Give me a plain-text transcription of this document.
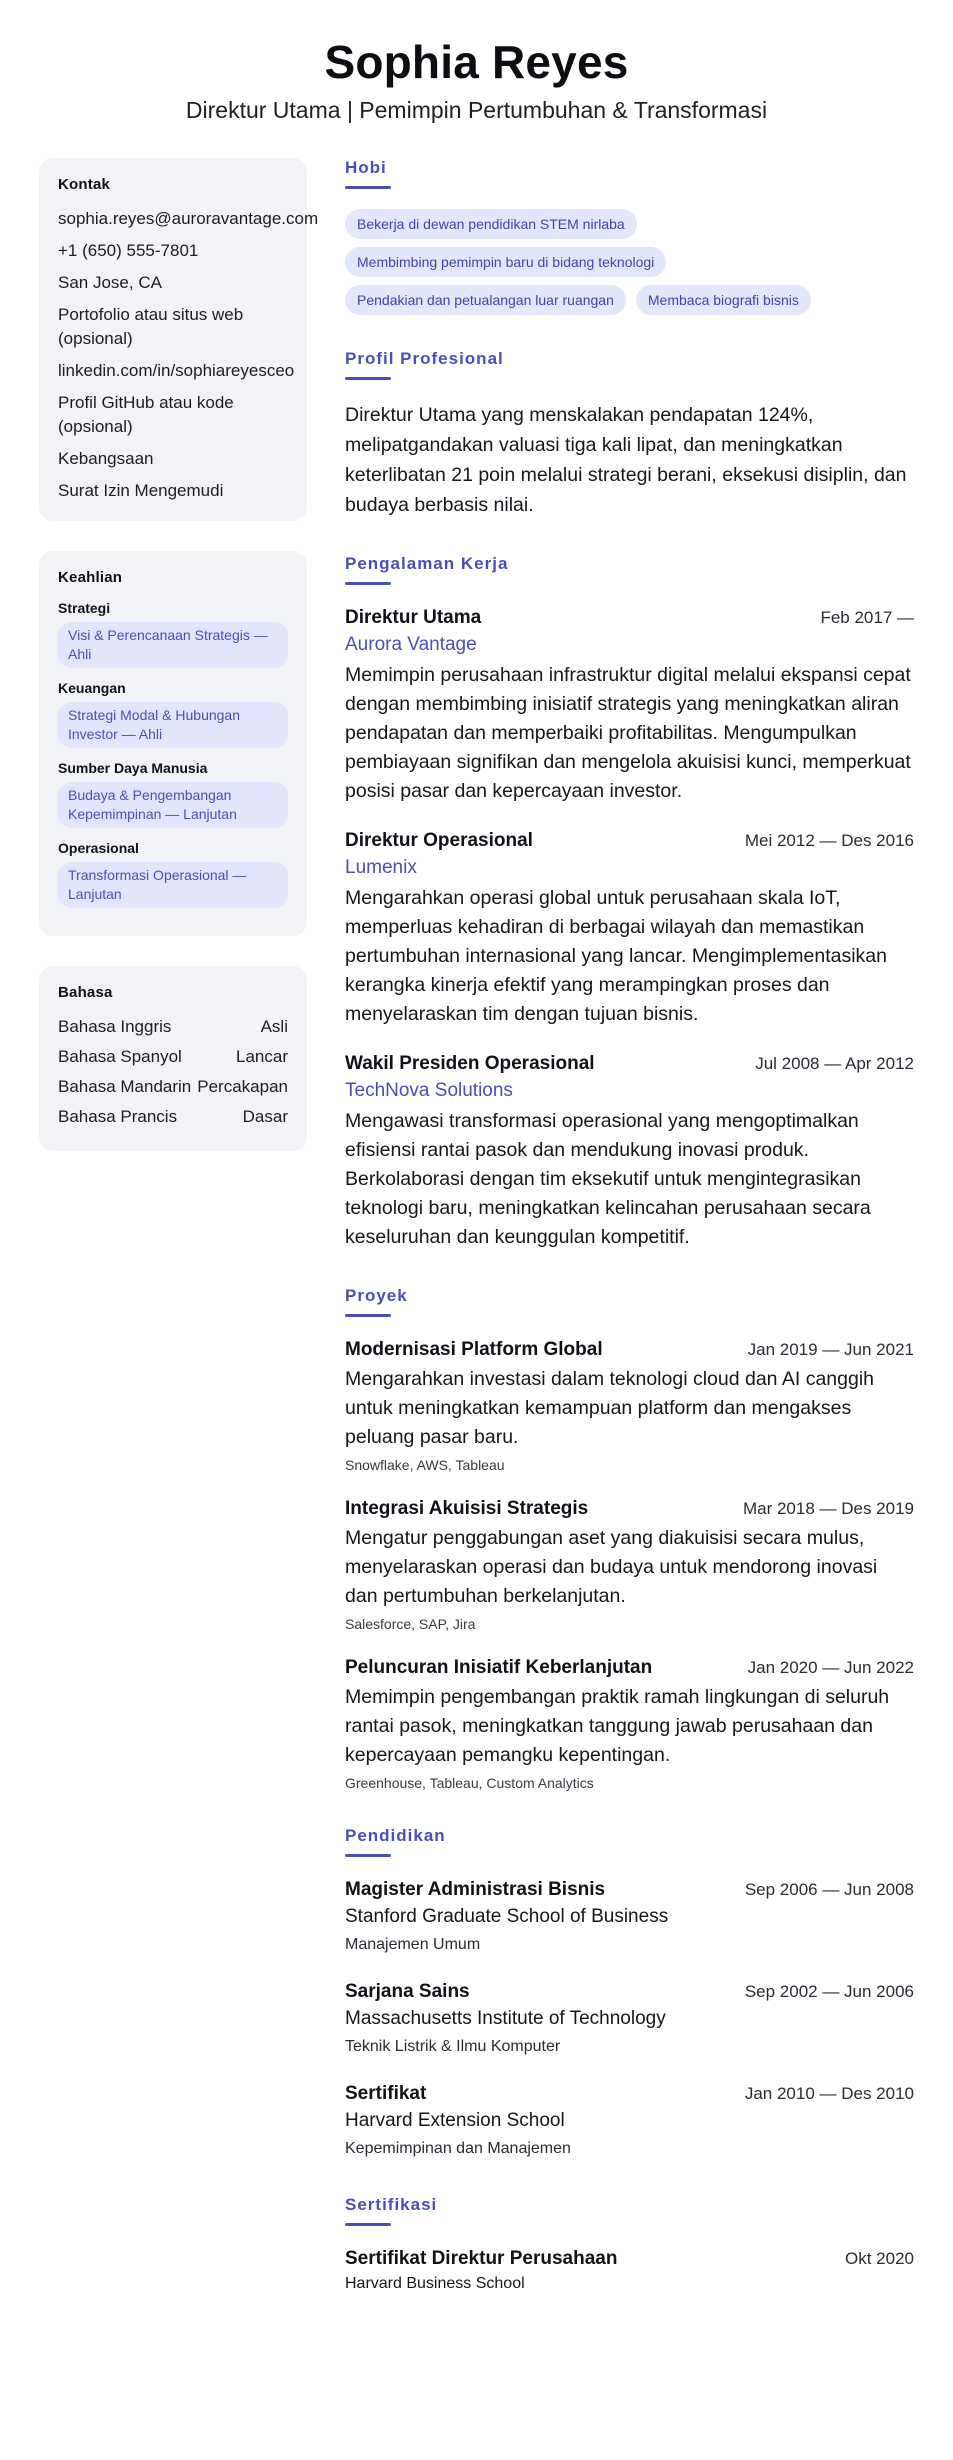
Sophia Reyes
Direktur Utama | Pemimpin Pertumbuhan & Transformasi
Kontak
sophia.reyes@auroravantage.com
+1 (650) 555-7801
San Jose, CA
Portofolio atau situs web (opsional)
linkedin.com/in/sophiareyesceo
Profil GitHub atau kode (opsional)
Kebangsaan
Surat Izin Mengemudi
Keahlian
Strategi
Visi & Perencanaan Strategis — Ahli
Keuangan
Strategi Modal & Hubungan Investor — Ahli
Sumber Daya Manusia
Budaya & Pengembangan Kepemimpinan — Lanjutan
Operasional
Transformasi Operasional — Lanjutan
Bahasa
Bahasa Inggris	Asli
Bahasa Spanyol	Lancar
Bahasa Mandarin Percakapan
Bahasa Prancis	Dasar
Hobi
Bekerja di dewan pendidikan STEM nirlaba
Membimbing pemimpin baru di bidang teknologi
Pendakian dan petualangan luar ruangan	Membaca biografi bisnis
Profil Profesional

Direktur Utama yang menskalakan pendapatan 124%, melipatgandakan valuasi tiga kali lipat, dan meningkatkan keterlibatan 21 poin melalui strategi berani, eksekusi disiplin, dan budaya berbasis nilai.

Pengalaman Kerja
Direktur Utama	Feb 2017 —
Aurora Vantage

Memimpin perusahaan infrastruktur digital melalui ekspansi cepat dengan membimbing inisiatif strategis yang meningkatkan aliran pendapatan dan memperbaiki profitabilitas. Mengumpulkan pembiayaan signifikan dan mengelola akuisisi kunci, memperkuat posisi pasar dan kepercayaan investor.

Direktur Operasional	Mei 2012 — Des 2016
Lumenix

Mengarahkan operasi global untuk perusahaan skala IoT, memperluas kehadiran di berbagai wilayah dan memastikan pertumbuhan internasional yang lancar. Mengimplementasikan kerangka kinerja efektif yang merampingkan proses dan menyelaraskan tim dengan tujuan bisnis.

Wakil Presiden Operasional	Jul 2008 — Apr 2012
TechNova Solutions

Mengawasi transformasi operasional yang mengoptimalkan efisiensi rantai pasok dan mendukung inovasi produk. Berkolaborasi dengan tim eksekutif untuk mengintegrasikan teknologi baru, meningkatkan kelincahan perusahaan secara keseluruhan dan keunggulan kompetitif.

Proyek
Modernisasi Platform Global	Jan 2019 — Jun 2021

Mengarahkan investasi dalam teknologi cloud dan AI canggih untuk meningkatkan kemampuan platform dan mengakses peluang pasar baru.

Snowflake, AWS, Tableau
Integrasi Akuisisi Strategis	Mar 2018 — Des 2019

Mengatur penggabungan aset yang diakuisisi secara mulus, menyelaraskan operasi dan budaya untuk mendorong inovasi dan pertumbuhan berkelanjutan.

Salesforce, SAP, Jira
Peluncuran Inisiatif Keberlanjutan	Jan 2020 — Jun 2022

Memimpin pengembangan praktik ramah lingkungan di seluruh rantai pasok, meningkatkan tanggung jawab perusahaan dan kepercayaan pemangku kepentingan.

Greenhouse, Tableau, Custom Analytics
Pendidikan
Magister Administrasi Bisnis	Sep 2006 — Jun 2008
Stanford Graduate School of Business
Manajemen Umum
Sarjana Sains	Sep 2002 — Jun 2006
Massachusetts Institute of Technology
Teknik Listrik & Ilmu Komputer
Sertifikat	Jan 2010 — Des 2010
Harvard Extension School
Kepemimpinan dan Manajemen
Sertifikasi
Sertifikat Direktur Perusahaan	Okt 2020
Harvard Business School
